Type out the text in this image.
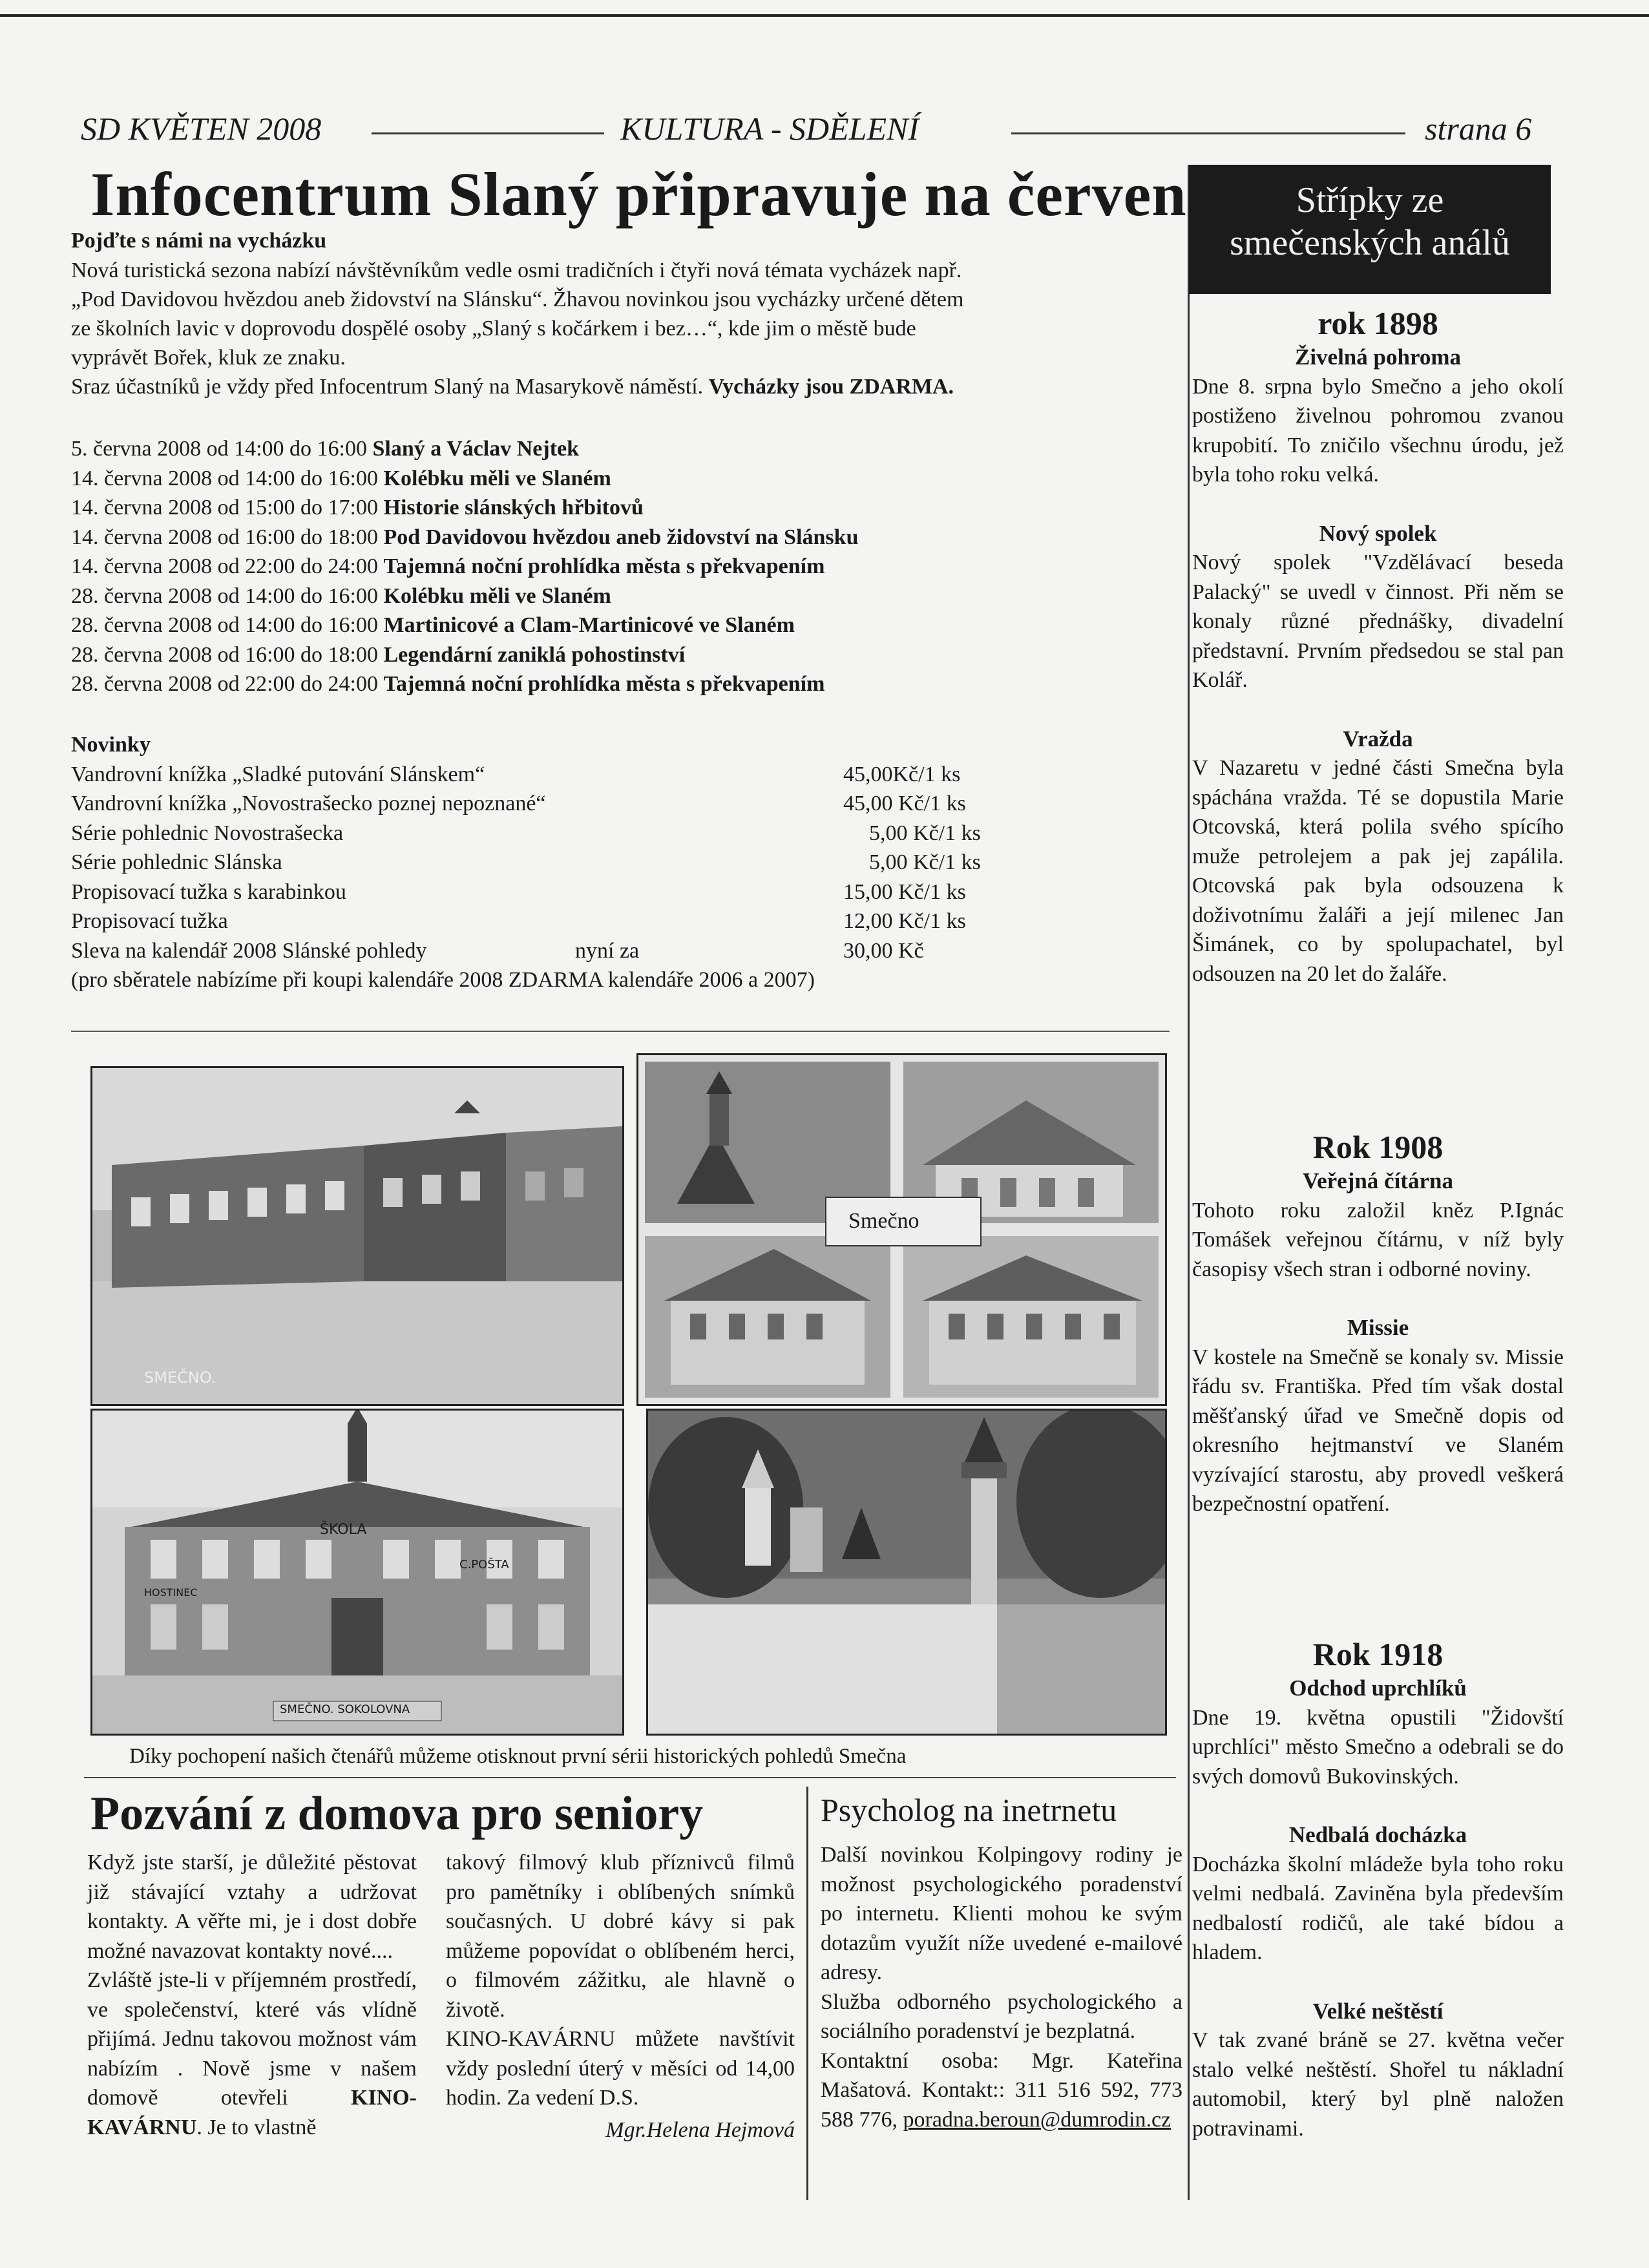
SD KVĚTEN 2008	KULTURA - SDĚLENÍ	strana 6
Infocentrum Slaný připravuje na červen
Pojďte s námi na vycházku
Nová turistická sezona nabízí návštěvníkům vedle osmi tradičních i čtyři nová témata vycházek např.
„Pod Davidovou hvězdou aneb židovství na Slánsku“. Žhavou novinkou jsou vycházky určené dětem
ze školních lavic v doprovodu dospělé osoby „Slaný s kočárkem i bez…“, kde jim o městě bude
vyprávět Bořek, kluk ze znaku.
Sraz účastníků je vždy před Infocentrum Slaný na Masarykově náměstí. Vycházky jsou ZDARMA.
5. června 2008 od 14:00 do 16:00 Slaný a Václav Nejtek
14. června 2008 od 14:00 do 16:00 Kolébku měli ve Slaném
14. června 2008 od 15:00 do 17:00 Historie slánských hřbitovů
14. června 2008 od 16:00 do 18:00 Pod Davidovou hvězdou aneb židovství na Slánsku
14. června 2008 od 22:00 do 24:00 Tajemná noční prohlídka města s překvapením
28. června 2008 od 14:00 do 16:00 Kolébku měli ve Slaném
28. června 2008 od 14:00 do 16:00 Martinicové a Clam-Martinicové ve Slaném
28. června 2008 od 16:00 do 18:00 Legendární zaniklá pohostinství
28. června 2008 od 22:00 do 24:00 Tajemná noční prohlídka města s překvapením
Novinky
Vandrovní knížka „Sladké putování Slánskem“	45,00Kč/1 ks
Vandrovní knížka „Novostrašecko poznej nepoznané“	45,00 Kč/1 ks
Série pohlednic Novostrašecka	5,00 Kč/1 ks
Série pohlednic Slánska	5,00 Kč/1 ks
Propisovací tužka s karabinkou	15,00 Kč/1 ks
Propisovací tužka	12,00 Kč/1 ks
Sleva na kalendář 2008 Slánské pohledy	nyní za	30,00 Kč
(pro sběratele nabízíme při koupi kalendáře 2008 ZDARMA kalendáře 2006 a 2007)
SMEČNO.
Smečno
ŠKOLA
C.POŠTA
HOSTINEC
SMEČNO. SOKOLOVNA
Díky pochopení našich čtenářů můžeme otisknout první sérii historických pohledů Smečna
Pozvání z domova pro seniory
Když jste starší, je důležité pěstovat již stávající vztahy a udržovat kontakty. A věřte mi, je i dost dobře možné navazovat kontakty nové....
Zvláště jste-li v příjemném prostředí, ve společenství, které vás vlídně přijímá. Jednu takovou možnost vám nabízím . Nově jsme v našem domově otevřeli	KINO-KAVÁRNU. Je to vlastně
takový filmový klub příznivců filmů pro pamětníky i oblíbených snímků současných. U dobré kávy si pak můžeme popovídat o oblíbeném herci, o filmovém zážitku, ale hlavně o životě.
KINO-KAVÁRNU můžete navštívit vždy poslední úterý v měsíci od 14,00 hodin. Za vedení D.S.
Mgr.Helena Hejmová
Psycholog na inetrnetu
Další novinkou Kolpingovy rodiny je možnost psychologického poradenství po internetu. Klienti mohou ke svým dotazům využít níže uvedené e-mailové adresy.
Služba odborného psychologického a sociálního poradenství je bezplatná.
Kontaktní osoba: Mgr. Kateřina Mašatová. Kontakt:: 311 516 592, 773 588 776, poradna.beroun@dumrodin.cz
Střípky ze
smečenských análů
rok 1898
Živelná pohroma
Dne 8. srpna bylo Smečno a jeho okolí postiženo živelnou pohromou zvanou krupobití. To zničilo všechnu úrodu, jež byla toho roku velká.
Nový spolek
Nový spolek "Vzdělávací beseda Palacký" se uvedl v činnost. Při něm se konaly různé přednášky, divadelní představní. Prvním předsedou se stal pan Kolář.
Vražda
V Nazaretu v jedné části Smečna byla spáchána vražda. Té se dopustila Marie Otcovská, která polila svého spícího muže petrolejem a pak jej zapálila. Otcovská pak byla odsouzena k doživotnímu žaláři a její milenec Jan Šimánek, co by spolupachatel, byl odsouzen na 20 let do žaláře.
Rok 1908
Veřejná čítárna
Tohoto roku založil kněz P.Ignác Tomášek veřejnou čítárnu, v níž byly časopisy všech stran i odborné noviny.
Missie
V kostele na Smečně se konaly sv. Missie řádu sv. Františka. Před tím však dostal měšťanský úřad ve Smečně dopis od okresního hejtmanství ve Slaném vyzívající starostu, aby provedl veškerá bezpečnostní opatření.
Rok 1918
Odchod uprchlíků
Dne 19. května opustili "Židovští uprchlíci" město Smečno a odebrali se do svých domovů Bukovinských.
Nedbalá docházka
Docházka školní mládeže byla toho roku velmi nedbalá. Zaviněna byla především nedbalostí rodičů, ale také bídou a hladem.
Velké neštěstí
V tak zvané bráně se 27. května večer stalo velké neštěstí. Shořel tu nákladní automobil, který byl plně naložen potravinami.
